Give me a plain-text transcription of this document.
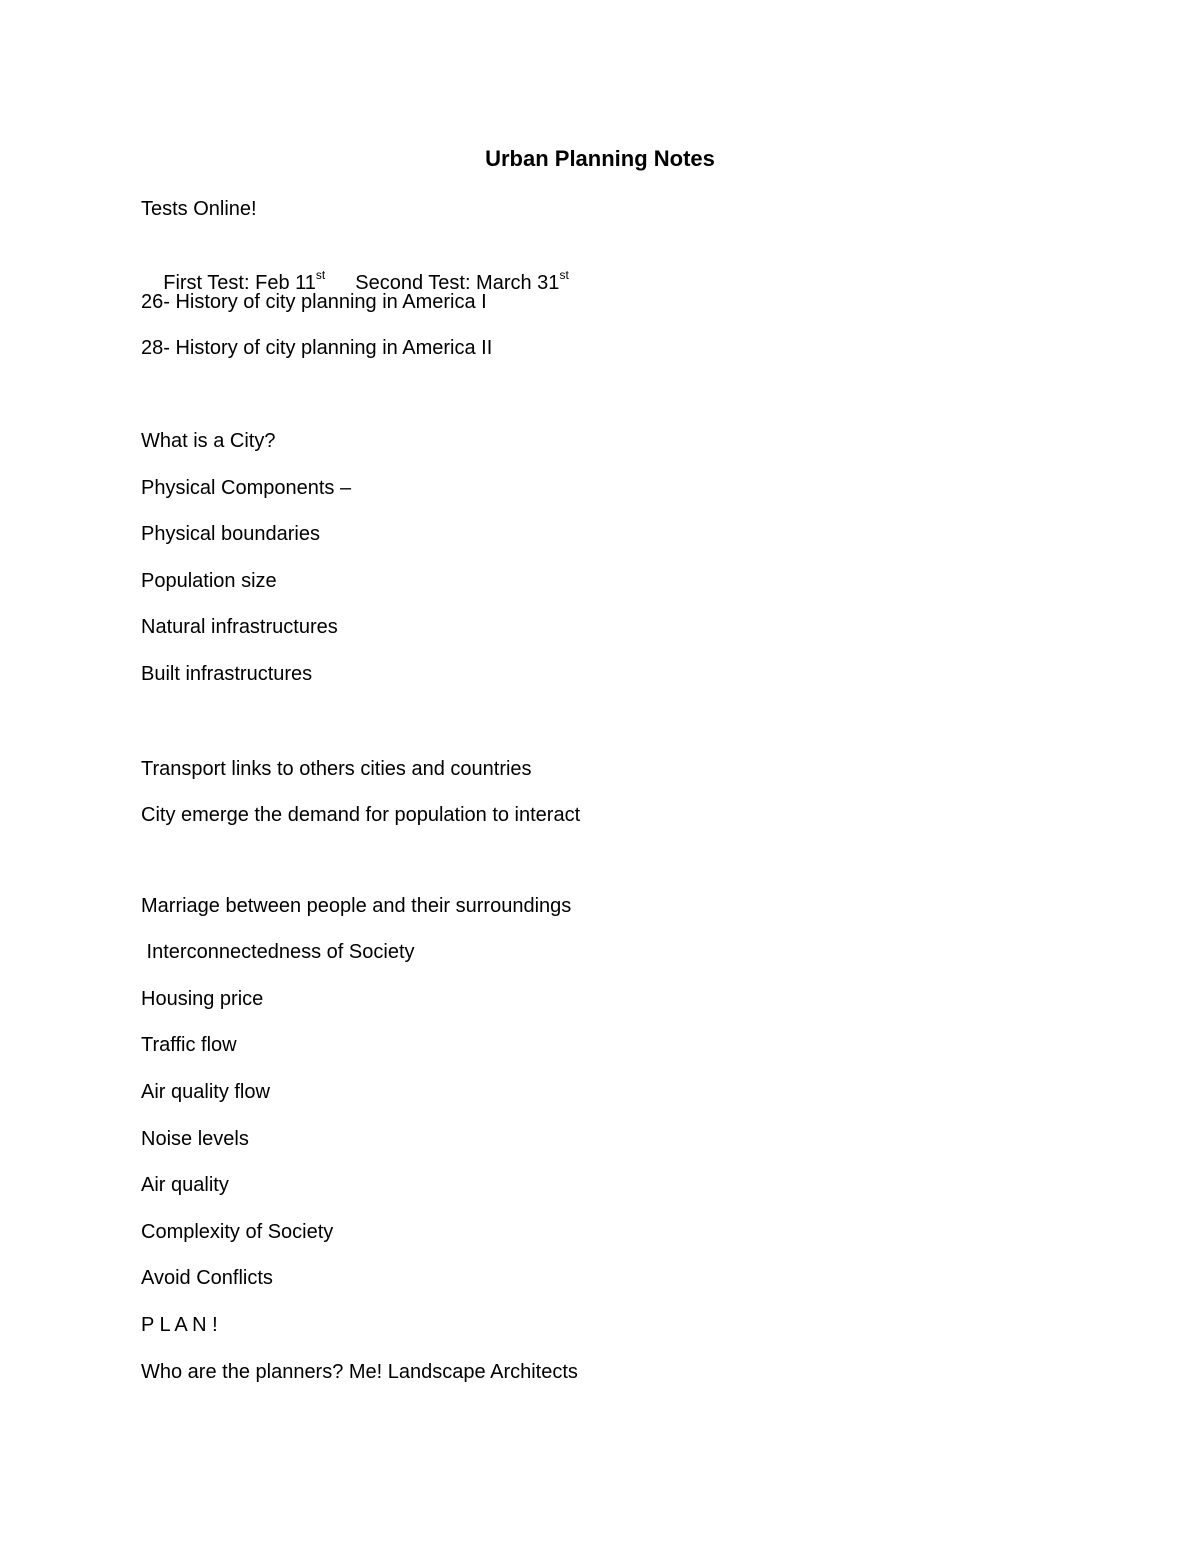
Urban Planning Notes
Tests Online!

First Test: Feb 11st Second Test: March 31st

26- History of city planning in America I
28- History of city planning in America II
What is a City?
Physical Components –
Physical boundaries
Population size
Natural infrastructures
Built infrastructures
Transport links to others cities and countries
City emerge the demand for population to interact
Marriage between people and their surroundings
Interconnectedness of Society
Housing price
Traffic flow
Air quality flow
Noise levels
Air quality
Complexity of Society
Avoid Conflicts
P L A N !
Who are the planners? Me! Landscape Architects
